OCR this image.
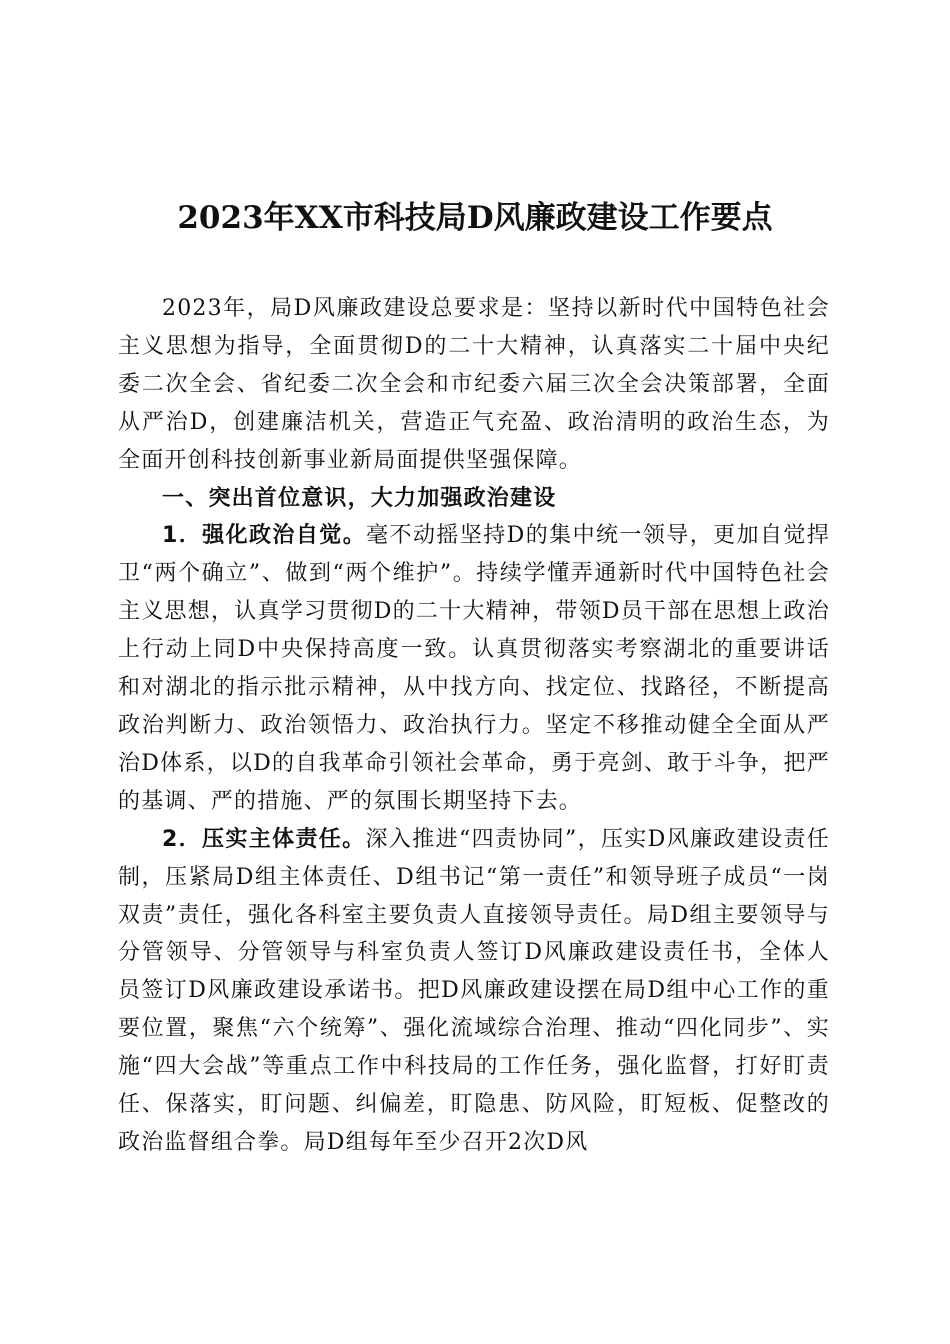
2023年XX市科技局D风廉政建设工作要点

2023年，局D风廉政建设总要求是：坚持以新时代中国特色社会主义思想为指导，全面贯彻D的二十大精神，认真落实二十届中央纪委二次全会、省纪委二次全会和市纪委六届三次全会决策部署，全面从严治D，创建廉洁机关，营造正气充盈、政治清明的政治生态，为全面开创科技创新事业新局面提供坚强保障。

一、突出首位意识，大力加强政治建设

1．强化政治自觉。毫不动摇坚持D的集中统一领导，更加自觉捍卫“两个确立”、做到“两个维护”。持续学懂弄通新时代中国特色社会主义思想，认真学习贯彻D的二十大精神，带领D员干部在思想上政治上行动上同D中央保持高度一致。认真贯彻落实考察湖北的重要讲话和对湖北的指示批示精神，从中找方向、找定位、找路径，不断提高政治判断力、政治领悟力、政治执行力。坚定不移推动健全全面从严治D体系，以D的自我革命引领社会革命，勇于亮剑、敢于斗争，把严的基调、严的措施、严的氛围长期坚持下去。

2．压实主体责任。深入推进“四责协同”，压实D风廉政建设责任制，压紧局D组主体责任、D组书记“第一责任”和领导班子成员“一岗双责”责任，强化各科室主要负责人直接领导责任。局D组主要领导与分管领导、分管领导与科室负责人签订D风廉政建设责任书，全体人员签订D风廉政建设承诺书。把D风廉政建设摆在局D组中心工作的重要位置，聚焦“六个统筹”、强化流域综合治理、推动“四化同步”、实施“四大会战”等重点工作中科技局的工作任务，强化监督，打好盯责任、保落实，盯问题、纠偏差，盯隐患、防风险，盯短板、促整改的政治监督组合拳。局D组每年至少召开2次D风
